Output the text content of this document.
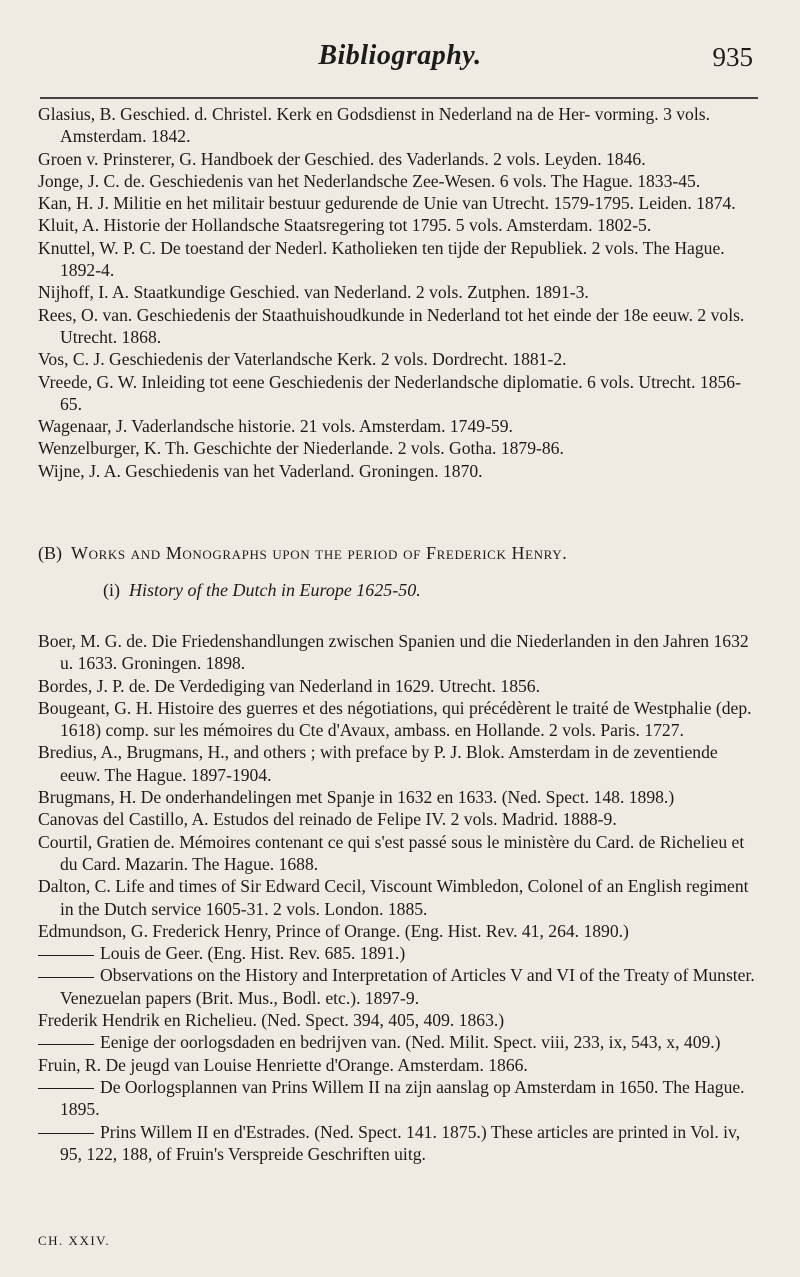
Bibliography.	935

Glasius, B. Geschied. d. Christel. Kerk en Godsdienst in Nederland na de Her- vorming. 3 vols. Amsterdam. 1842.

Groen v. Prinsterer, G. Handboek der Geschied. des Vaderlands. 2 vols. Leyden. 1846.

Jonge, J. C. de. Geschiedenis van het Nederlandsche Zee-Wesen. 6 vols. The Hague. 1833-45.

Kan, H. J. Militie en het militair bestuur gedurende de Unie van Utrecht. 1579-1795. Leiden. 1874.

Kluit, A. Historie der Hollandsche Staatsregering tot 1795. 5 vols. Amsterdam. 1802-5.

Knuttel, W. P. C. De toestand der Nederl. Katholieken ten tijde der Republiek. 2 vols. The Hague. 1892-4.

Nijhoff, I. A. Staatkundige Geschied. van Nederland. 2 vols. Zutphen. 1891-3.

Rees, O. van. Geschiedenis der Staathuishoudkunde in Nederland tot het einde der 18e eeuw. 2 vols. Utrecht. 1868.

Vos, C. J. Geschiedenis der Vaterlandsche Kerk. 2 vols. Dordrecht. 1881-2.

Vreede, G. W. Inleiding tot eene Geschiedenis der Nederlandsche diplomatie. 6 vols. Utrecht. 1856-65.

Wagenaar, J. Vaderlandsche historie. 21 vols. Amsterdam. 1749-59.

Wenzelburger, K. Th. Geschichte der Niederlande. 2 vols. Gotha. 1879-86.

Wijne, J. A. Geschiedenis van het Vaderland. Groningen. 1870.

(B) Works and Monographs upon the period of Frederick Henry.

(i) History of the Dutch in Europe 1625-50.

Boer, M. G. de. Die Friedenshandlungen zwischen Spanien und die Niederlanden in den Jahren 1632 u. 1633. Groningen. 1898.

Bordes, J. P. de. De Verdediging van Nederland in 1629. Utrecht. 1856.

Bougeant, G. H. Histoire des guerres et des négotiations, qui précédèrent le traité de Westphalie (dep. 1618) comp. sur les mémoires du Cte d'Avaux, ambass. en Hollande. 2 vols. Paris. 1727.

Bredius, A., Brugmans, H., and others ; with preface by P. J. Blok. Amsterdam in de zeventiende eeuw. The Hague. 1897-1904.

Brugmans, H. De onderhandelingen met Spanje in 1632 en 1633. (Ned. Spect. 148. 1898.)

Canovas del Castillo, A. Estudos del reinado de Felipe IV. 2 vols. Madrid. 1888-9.

Courtil, Gratien de. Mémoires contenant ce qui s'est passé sous le ministère du Card. de Richelieu et du Card. Mazarin. The Hague. 1688.

Dalton, C. Life and times of Sir Edward Cecil, Viscount Wimbledon, Colonel of an English regiment in the Dutch service 1605-31. 2 vols. London. 1885.

Edmundson, G. Frederick Henry, Prince of Orange. (Eng. Hist. Rev. 41, 264. 1890.)

Louis de Geer. (Eng. Hist. Rev. 685. 1891.)

Observations on the History and Interpretation of Articles V and VI of the Treaty of Munster. Venezuelan papers (Brit. Mus., Bodl. etc.). 1897-9.

Frederik Hendrik en Richelieu. (Ned. Spect. 394, 405, 409. 1863.)

Eenige der oorlogsdaden en bedrijven van. (Ned. Milit. Spect. viii, 233, ix, 543, x, 409.)

Fruin, R. De jeugd van Louise Henriette d'Orange. Amsterdam. 1866.

De Oorlogsplannen van Prins Willem II na zijn aanslag op Amsterdam in 1650. The Hague. 1895.

Prins Willem II en d'Estrades. (Ned. Spect. 141. 1875.) These articles are printed in Vol. iv, 95, 122, 188, of Fruin's Verspreide Geschriften uitg.

CH. XXIV.
